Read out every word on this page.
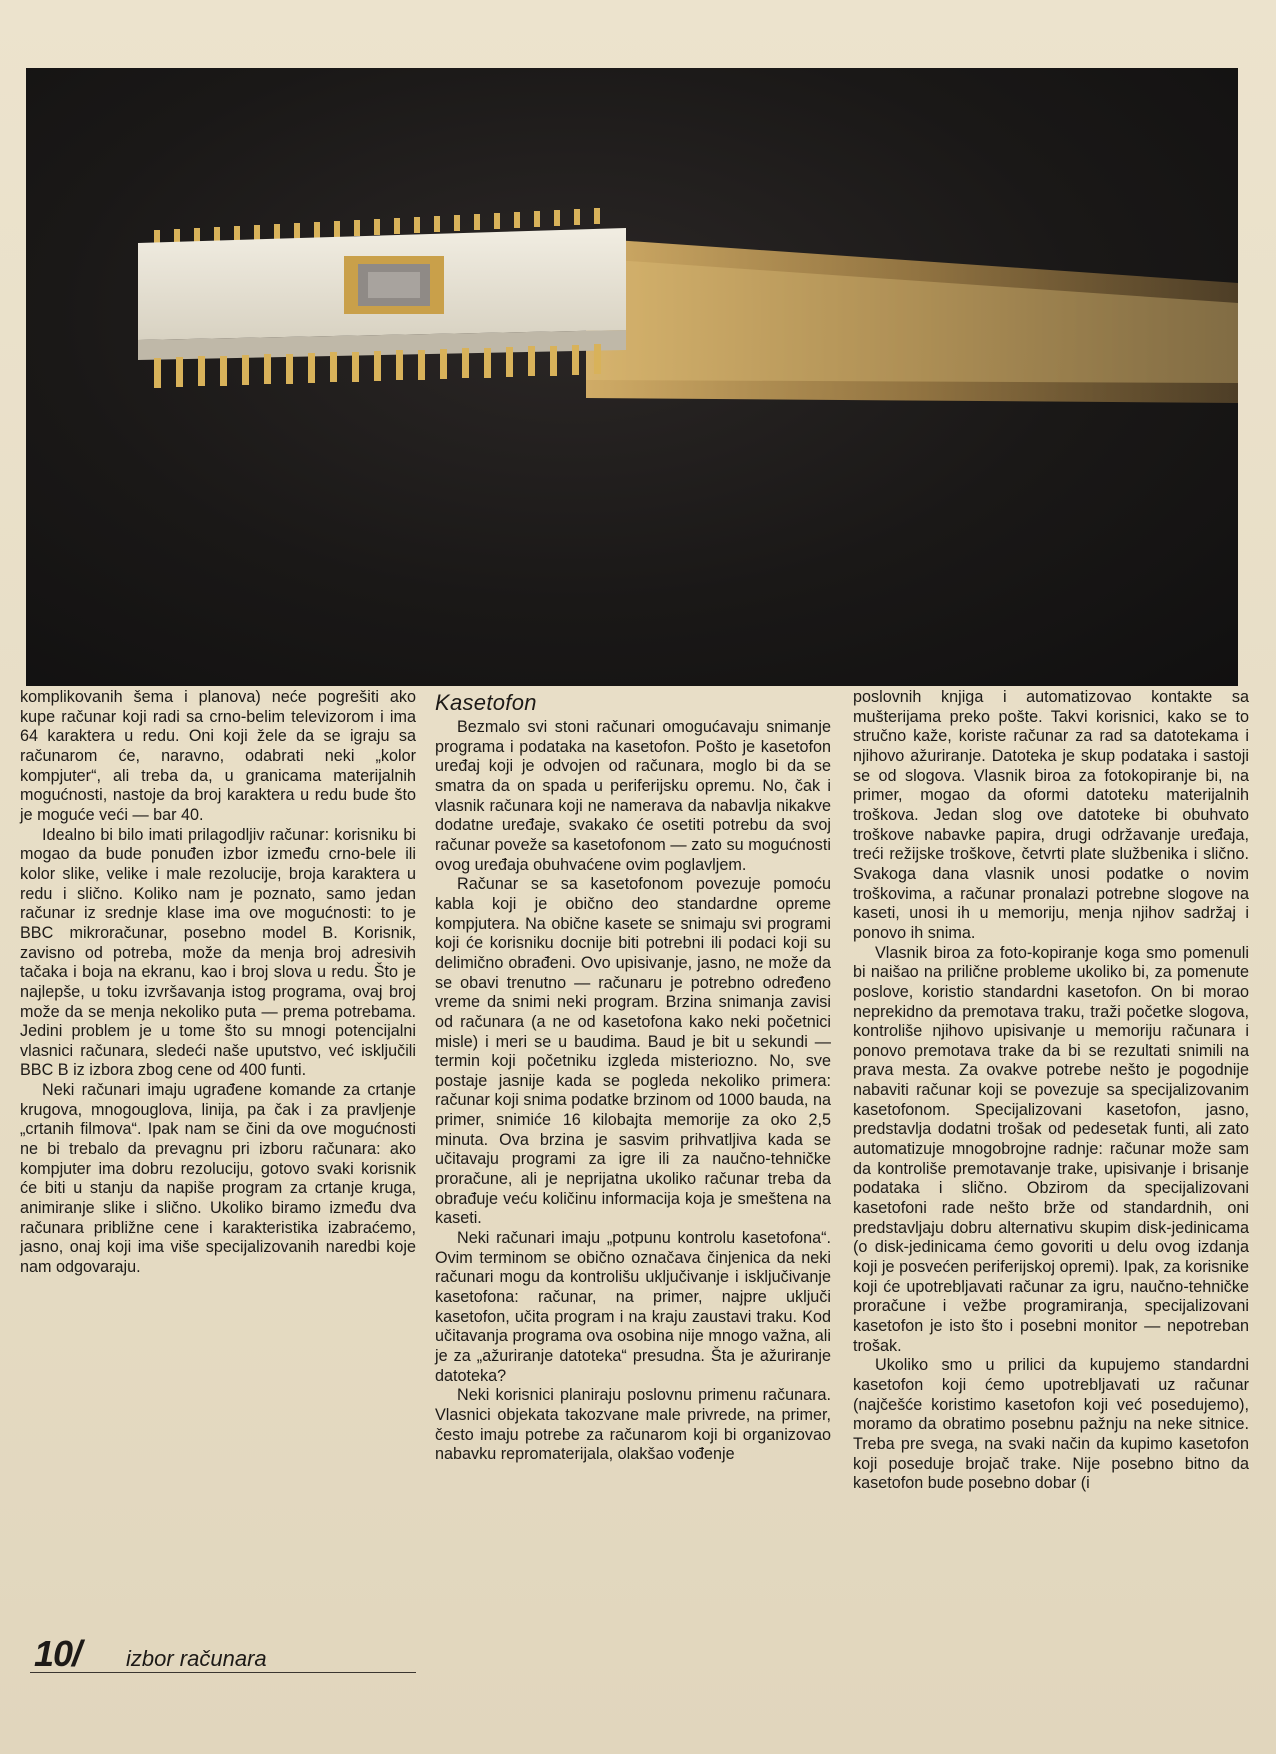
komplikovanih šema i planova) neće pogrešiti ako kupe računar koji radi sa crno-belim televizorom i ima 64 karaktera u redu. Oni koji žele da se igraju sa računarom će, naravno, odabrati neki „kolor kompjuter“, ali treba da, u granicama materijalnih mogućnosti, nastoje da broj karaktera u redu bude što je moguće veći — bar 40.

Idealno bi bilo imati prilagodljiv računar: korisniku bi mogao da bude ponuđen izbor između crno-bele ili kolor slike, velike i male rezolucije, broja karaktera u redu i slično. Koliko nam je poznato, samo jedan računar iz srednje klase ima ove mogućnosti: to je BBC mikroračunar, posebno model B. Korisnik, zavisno od potreba, može da menja broj adresivih tačaka i boja na ekranu, kao i broj slova u redu. Što je najlepše, u toku izvršavanja istog programa, ovaj broj može da se menja nekoliko puta — prema potrebama. Jedini problem je u tome što su mnogi potencijalni vlasnici računara, sledeći naše uputstvo, već isključili BBC B iz izbora zbog cene od 400 funti.

Neki računari imaju ugrađene komande za crtanje krugova, mnogouglova, linija, pa čak i za pravljenje „crtanih filmova“. Ipak nam se čini da ove mogućnosti ne bi trebalo da prevagnu pri izboru računara: ako kompjuter ima dobru rezoluciju, gotovo svaki korisnik će biti u stanju da napiše program za crtanje kruga, animiranje slike i slično. Ukoliko biramo između dva računara približne cene i karakteristika izabraćemo, jasno, onaj koji ima više specijalizovanih naredbi koje nam odgovaraju.

Kasetofon

Bezmalo svi stoni računari omogućavaju snimanje programa i podataka na kasetofon. Pošto je kasetofon uređaj koji je odvojen od računara, moglo bi da se smatra da on spada u periferijsku opremu. No, čak i vlasnik računara koji ne namerava da nabavlja nikakve dodatne uređaje, svakako će osetiti potrebu da svoj računar poveže sa kasetofonom — zato su mogućnosti ovog uređaja obuhvaćene ovim poglavljem.

Računar se sa kasetofonom povezuje pomoću kabla koji je obično deo standardne opreme kompjutera. Na obične kasete se snimaju svi programi koji će korisniku docnije biti potrebni ili podaci koji su delimično obrađeni. Ovo upisivanje, jasno, ne može da se obavi trenutno — računaru je potrebno određeno vreme da snimi neki program. Brzina snimanja zavisi od računara (a ne od kasetofona kako neki početnici misle) i meri se u baudima. Baud je bit u sekundi — termin koji početniku izgleda misteriozno. No, sve postaje jasnije kada se pogleda nekoliko primera: računar koji snima podatke brzinom od 1000 bauda, na primer, snimiće 16 kilobajta memorije za oko 2,5 minuta. Ova brzina je sasvim prihvatljiva kada se učitavaju programi za igre ili za naučno-tehničke proračune, ali je neprijatna ukoliko računar treba da obrađuje veću količinu informacija koja je smeštena na kaseti.

Neki računari imaju „potpunu kontrolu kasetofona“. Ovim terminom se obično označava činjenica da neki računari mogu da kontrolišu uključivanje i isključivanje kasetofona: računar, na primer, najpre uključi kasetofon, učita program i na kraju zaustavi traku. Kod učitavanja programa ova osobina nije mnogo važna, ali je za „ažuriranje datoteka“ presudna. Šta je ažuriranje datoteka?

Neki korisnici planiraju poslovnu primenu računara. Vlasnici objekata takozvane male privrede, na primer, često imaju potrebe za računarom koji bi organizovao nabavku repromaterijala, olakšao vođenje

poslovnih knjiga i automatizovao kontakte sa mušterijama preko pošte. Takvi korisnici, kako se to stručno kaže, koriste računar za rad sa datotekama i njihovo ažuriranje. Datoteka je skup podataka i sastoji se od slogova. Vlasnik biroa za fotokopiranje bi, na primer, mogao da oformi datoteku materijalnih troškova. Jedan slog ove datoteke bi obuhvato troškove nabavke papira, drugi održavanje uređaja, treći režijske troškove, četvrti plate službenika i slično. Svakoga dana vlasnik unosi podatke o novim troškovima, a računar pronalazi potrebne slogove na kaseti, unosi ih u memoriju, menja njihov sadržaj i ponovo ih snima.

Vlasnik biroa za foto-kopiranje koga smo pomenuli bi naišao na prilične probleme ukoliko bi, za pomenute poslove, koristio standardni kasetofon. On bi morao neprekidno da premotava traku, traži početke slogova, kontroliše njihovo upisivanje u memoriju računara i ponovo premotava trake da bi se rezultati snimili na prava mesta. Za ovakve potrebe nešto je pogodnije nabaviti računar koji se povezuje sa specijalizovanim kasetofonom. Specijalizovani kasetofon, jasno, predstavlja dodatni trošak od pedesetak funti, ali zato automatizuje mnogobrojne radnje: računar može sam da kontroliše premotavanje trake, upisivanje i brisanje podataka i slično. Obzirom da specijalizovani kasetofoni rade nešto brže od standardnih, oni predstavljaju dobru alternativu skupim disk-jedinicama (o disk-jedinicama ćemo govoriti u delu ovog izdanja koji je posvećen periferijskoj opremi). Ipak, za korisnike koji će upotrebljavati računar za igru, naučno-tehničke proračune i vežbe programiranja, specijalizovani kasetofon je isto što i posebni monitor — nepotreban trošak.

Ukoliko smo u prilici da kupujemo standardni kasetofon koji ćemo upotrebljavati uz računar (najčešće koristimo kasetofon koji već posedujemo), moramo da obratimo posebnu pažnju na neke sitnice. Treba pre svega, na svaki način da kupimo kasetofon koji poseduje brojač trake. Nije posebno bitno da kasetofon bude posebno dobar (i

10/ izbor računara
